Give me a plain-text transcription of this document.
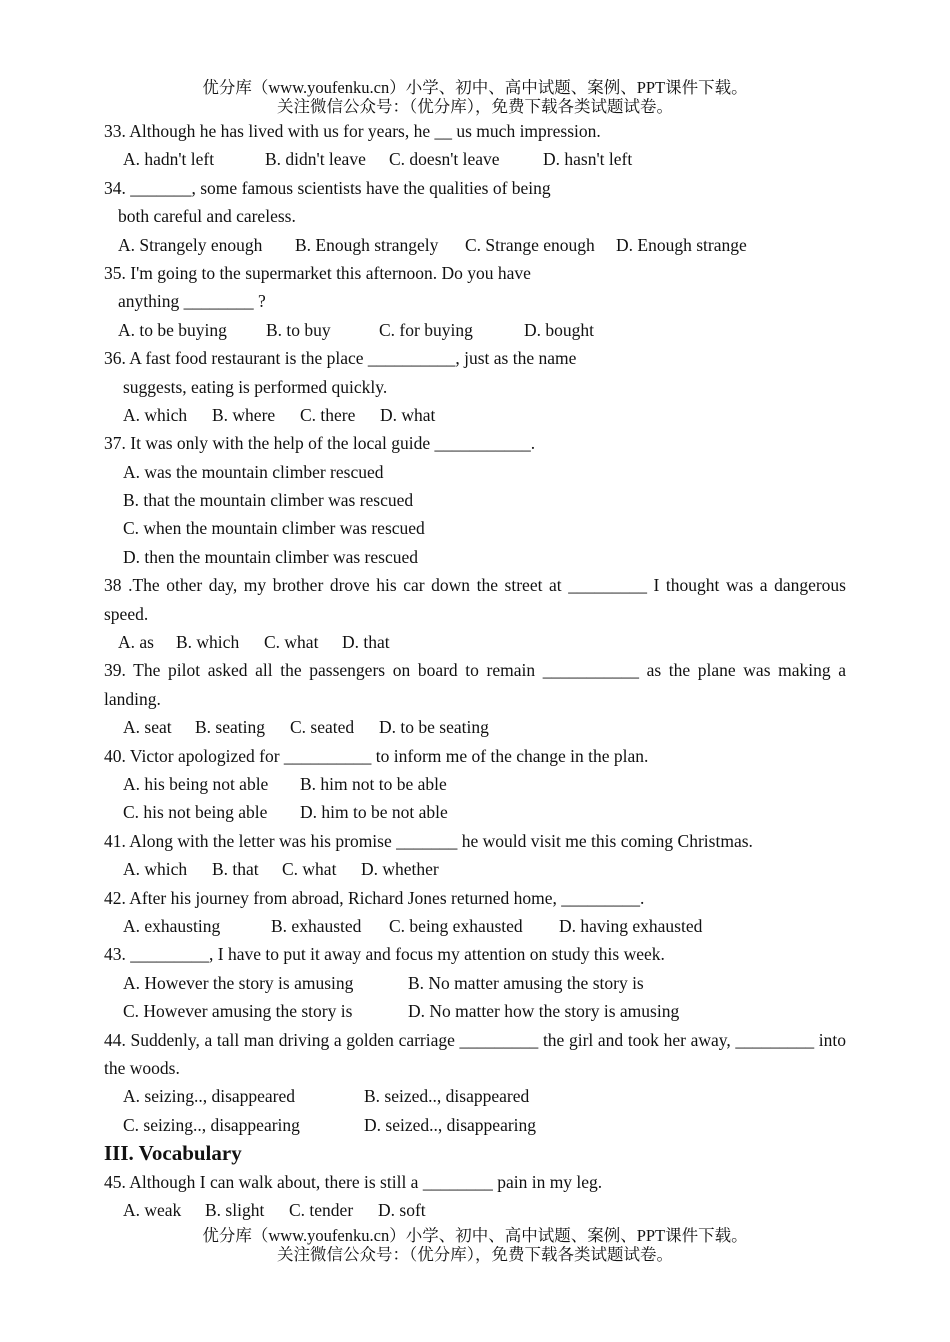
优分库（www.youfenku.cn）小学、初中、高中试题、案例、PPT课件下载。
关注微信公众号：（优分库），免费下载各类试题试卷。
33. Although he has lived with us for years, he __ us much impression.
A. hadn't left	B. didn't leave C. doesn't leave D. hasn't left
34. _______, some famous scientists have the qualities of being
both careful and careless.
A. Strangely enough B. Enough strangely C. Strange enough D. Enough strange
35. I'm going to the supermarket this afternoon. Do you have
anything ________ ?
A. to be buying B. to buy	C. for buying	D. bought
36. A fast food restaurant is the place __________, just as the name
suggests, eating is performed quickly.
A. which B. where C. there D. what
37. It was only with the help of the local guide ___________.
A. was the mountain climber rescued
B. that the mountain climber was rescued
C. when the mountain climber was rescued
D. then the mountain climber was rescued
38 .The other day, my brother drove his car down the street at _________ I thought was a dangerous speed.
A. as B. which C. what D. that
39. The pilot asked all the passengers on board to remain ___________ as the plane was making a landing.
A. seat B. seating C. seated D. to be seating
40. Victor apologized for __________ to inform me of the change in the plan.
A. his being not able B. him not to be able
C. his not being able D. him to be not able
41. Along with the letter was his promise _______ he would visit me this coming Christmas.
A. which B. that C. what D. whether
42. After his journey from abroad, Richard Jones returned home, _________.
A. exhausting	B. exhausted C. being exhausted D. having exhausted
43. _________, I have to put it away and focus my attention on study this week.
A. However the story is amusing	B. No matter amusing the story is
C. However amusing the story is	D. No matter how the story is amusing
44. Suddenly, a tall man driving a golden carriage _________ the girl and took her away, _________ into the woods.
A. seizing.., disappeared	B. seized.., disappeared
C. seizing.., disappearing	D. seized.., disappearing
III. Vocabulary
45. Although I can walk about, there is still a ________ pain in my leg.
A. weak B. slight C. tender D. soft
优分库（www.youfenku.cn）小学、初中、高中试题、案例、PPT课件下载。
关注微信公众号：（优分库），免费下载各类试题试卷。
